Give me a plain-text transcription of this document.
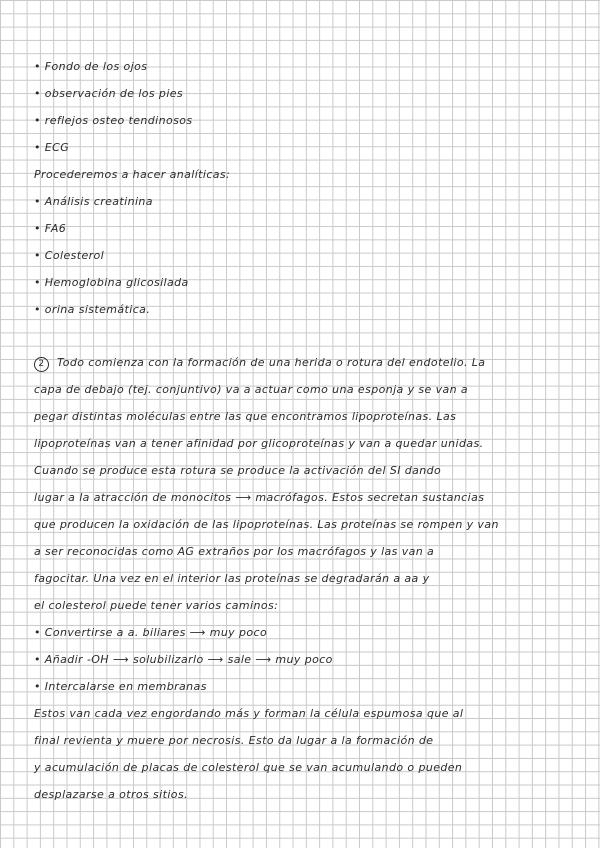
• Fondo de los ojos
• observación de los pies
• reflejos osteo tendinosos
• ECG
Procederemos a hacer analíticas:
• Análisis creatinina
• FA6
• Colesterol
• Hemoglobina glicosilada
• orina sistemática.
2 Todo comienza con la formación de una herida o rotura del endotelio. La
capa de debajo (tej. conjuntivo) va a actuar como una esponja y se van a
pegar distintas moléculas entre las que encontramos lipoproteínas. Las
lipoproteínas van a tener afinidad por glicoproteínas y van a quedar unidas.
Cuando se produce esta rotura se produce la activación del SI dando
lugar a la atracción de monocitos ⟶ macrófagos. Estos secretan sustancias
que producen la oxidación de las lipoproteínas. Las proteínas se rompen y van
a ser reconocidas como AG extraños por los macrófagos y las van a
fagocitar. Una vez en el interior las proteínas se degradarán a aa y
el colesterol puede tener varios caminos:
• Convertirse a a. biliares ⟶ muy poco
• Añadir -OH ⟶ solubilizarlo ⟶ sale ⟶ muy poco
• Intercalarse en membranas
Estos van cada vez engordando más y forman la célula espumosa que al
final revienta y muere por necrosis. Esto da lugar a la formación de
y acumulación de placas de colesterol que se van acumulando o pueden
desplazarse a otros sitios.
